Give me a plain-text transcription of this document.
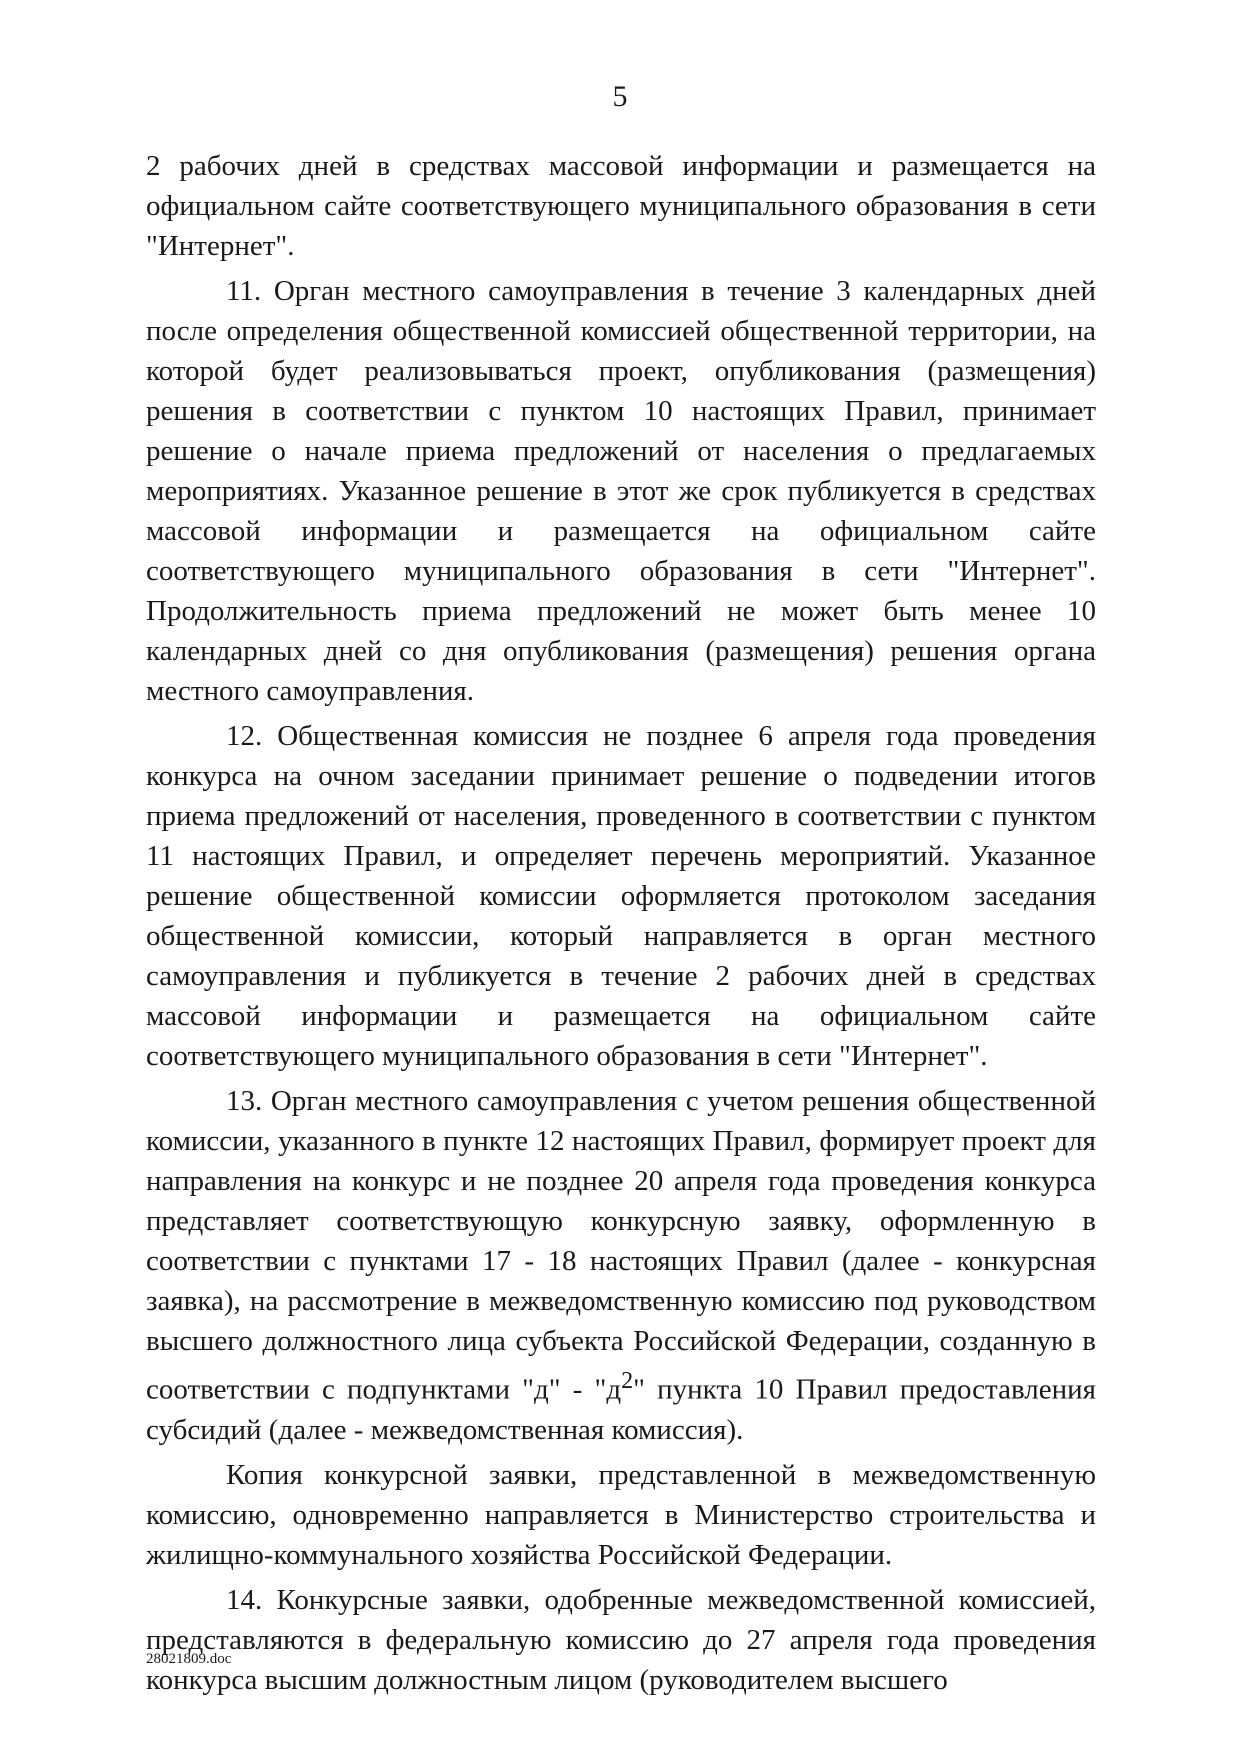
5

2 рабочих дней в средствах массовой информации и размещается на официальном сайте соответствующего муниципального образования в сети "Интернет".

11. Орган местного самоуправления в течение 3 календарных дней после определения общественной комиссией общественной территории, на которой будет реализовываться проект, опубликования (размещения) решения в соответствии с пунктом 10 настоящих Правил, принимает решение о начале приема предложений от населения о предлагаемых мероприятиях. Указанное решение в этот же срок публикуется в средствах массовой информации и размещается на официальном сайте соответствующего муниципального образования в сети "Интернет". Продолжительность приема предложений не может быть менее 10 календарных дней со дня опубликования (размещения) решения органа местного самоуправления.

12. Общественная комиссия не позднее 6 апреля года проведения конкурса на очном заседании принимает решение о подведении итогов приема предложений от населения, проведенного в соответствии с пунктом 11 настоящих Правил, и определяет перечень мероприятий. Указанное решение общественной комиссии оформляется протоколом заседания общественной комиссии, который направляется в орган местного самоуправления и публикуется в течение 2 рабочих дней в средствах массовой информации и размещается на официальном сайте соответствующего муниципального образования в сети "Интернет".

13. Орган местного самоуправления с учетом решения общественной комиссии, указанного в пункте 12 настоящих Правил, формирует проект для направления на конкурс и не позднее 20 апреля года проведения конкурса представляет соответствующую конкурсную заявку, оформленную в соответствии с пунктами 17 - 18 настоящих Правил (далее - конкурсная заявка), на рассмотрение в межведомственную комиссию под руководством высшего должностного лица субъекта Российской Федерации, созданную в соответствии с подпунктами "д" - "$д^2$" пункта 10 Правил предоставления субсидий (далее - межведомственная комиссия).

Копия конкурсной заявки, представленной в межведомственную комиссию, одновременно направляется в Министерство строительства и жилищно-коммунального хозяйства Российской Федерации.

14. Конкурсные заявки, одобренные межведомственной комиссией, представляются в федеральную комиссию до 27 апреля года проведения конкурса высшим должностным лицом (руководителем высшего

28021809.doc
